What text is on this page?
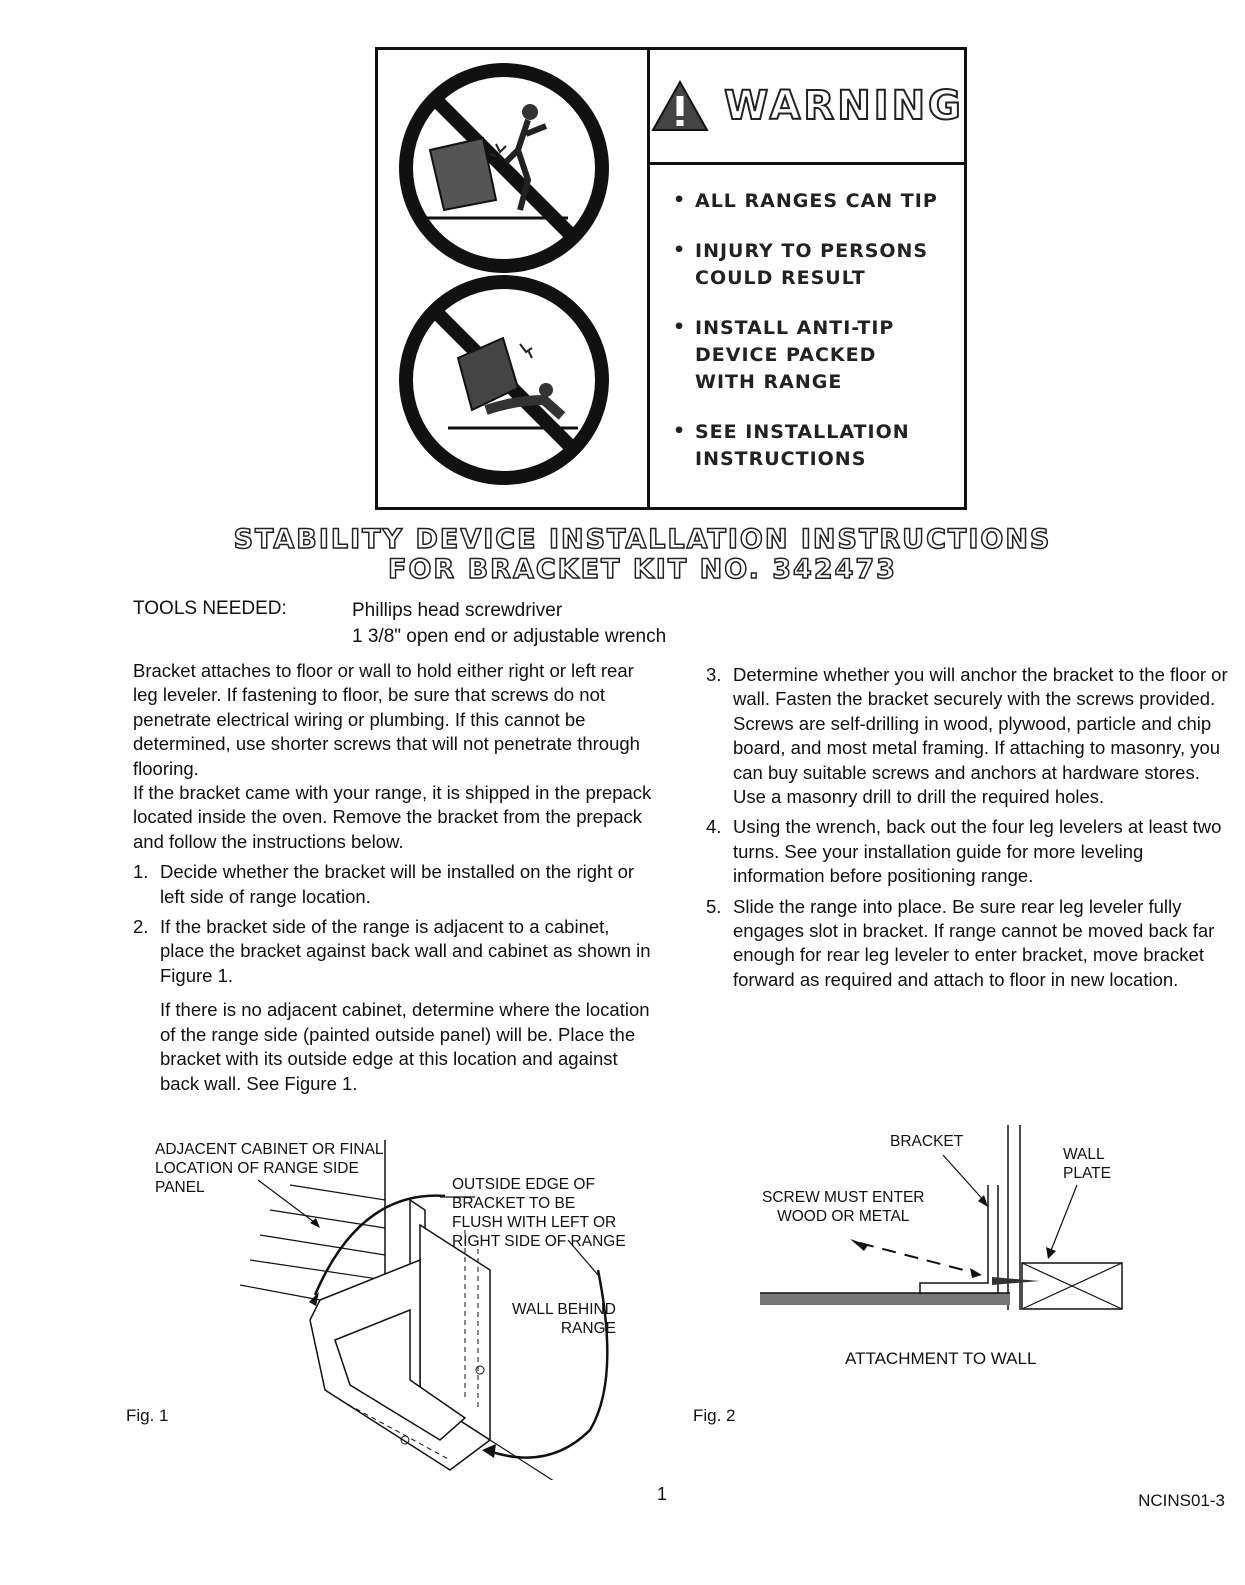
WARNING
• ALL RANGES CAN TIP
• INJURY TO PERSONS
COULD RESULT
• INSTALL ANTI-TIP
DEVICE PACKED
WITH RANGE
• SEE INSTALLATION
INSTRUCTIONS
STABILITY DEVICE INSTALLATION INSTRUCTIONS
FOR BRACKET KIT NO. 342473
TOOLS NEEDED:	Phillips head screwdriver
1 3/8" open end or adjustable wrench

Bracket attaches to floor or wall to hold either right or left rear leg leveler. If fastening to floor, be sure that screws do not penetrate electrical wiring or plumbing. If this cannot be determined, use shorter screws that will not penetrate through flooring.

If the bracket came with your range, it is shipped in the prepack located inside the oven. Remove the bracket from the prepack and follow the instructions below.

1. Decide whether the bracket will be installed on the right or left side of range location.

2. If the bracket side of the range is adjacent to a cabinet, place the bracket against back wall and cabinet as shown in Figure 1.

If there is no adjacent cabinet, determine where the location of the range side (painted outside panel) will be. Place the bracket with its outside edge at this location and against back wall. See Figure 1.

3. Determine whether you will anchor the bracket to the floor or wall. Fasten the bracket securely with the screws provided. Screws are self-drilling in wood, plywood, particle and chip board, and most metal framing. If attaching to masonry, you can buy suitable screws and anchors at hardware stores. Use a masonry drill to drill the required holes.

4. Using the wrench, back out the four leg levelers at least two turns. See your installation guide for more leveling information before positioning range.

5. Slide the range into place. Be sure rear leg leveler fully engages slot in bracket. If range cannot be moved back far enough for rear leg leveler to enter bracket, move bracket forward as required and attach to floor in new location.

ADJACENT CABINET OR FINAL
LOCATION OF RANGE SIDE
PANEL	OUTSIDE EDGE OF
BRACKET TO BE
FLUSH WITH LEFT OR
RIGHT SIDE OF RANGE
WALL BEHIND
RANGE
Fig. 1
BRACKET
WALL
PLATE
SCREW MUST ENTER
WOOD OR METAL
ATTACHMENT TO WALL
Fig. 2
1	NCINS01-3
